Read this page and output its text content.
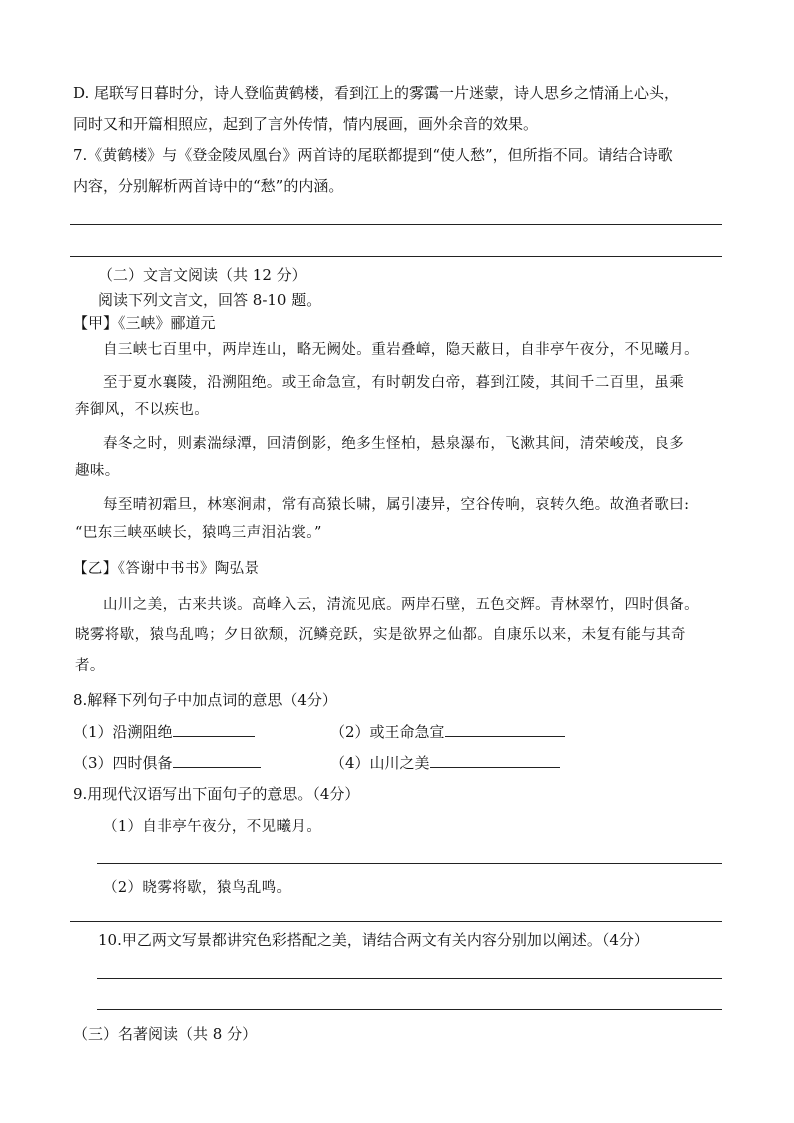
D. 尾联写日暮时分，诗人登临黄鹤楼，看到江上的雾霭一片迷蒙，诗人思乡之情涌上心头，
同时又和开篇相照应，起到了言外传情，情内展画，画外余音的效果。
7.《黄鹤楼》与《登金陵凤凰台》两首诗的尾联都提到“使人愁”，但所指不同。请结合诗歌
内容，分别解析两首诗中的“愁”的内涵。
（二）文言文阅读（共 12 分）
阅读下列文言文，回答 8-10 题。
【甲】《三峡》郦道元
自三峡七百里中，两岸连山，略无阙处。重岩叠嶂，隐天蔽日，自非亭午夜分，不见曦月。
至于夏水襄陵，沿溯阻绝。或王命急宣，有时朝发白帝，暮到江陵，其间千二百里，虽乘
奔御风，不以疾也。
春冬之时，则素湍绿潭，回清倒影，绝多生怪柏，悬泉瀑布，飞漱其间，清荣峻茂，良多
趣味。
每至晴初霜旦，林寒涧肃，常有高猿长啸，属引凄异，空谷传响，哀转久绝。故渔者歌曰:
“巴东三峡巫峡长，猿鸣三声泪沾裳。”
【乙】《答谢中书书》陶弘景
山川之美，古来共谈。高峰入云，清流见底。两岸石壁，五色交辉。青林翠竹，四时俱备。
晓雾将歇，猿鸟乱鸣；夕日欲颓，沉鳞竞跃，实是欲界之仙都。自康乐以来，未复有能与其奇
者。
8.解释下列句子中加点词的意思（4分）
（1）沿溯阻绝	（2）或王命急宣
（3）四时俱备	（4）山川之美
9.用现代汉语写出下面句子的意思。（4分）
（1）自非亭午夜分，不见曦月。
（2）晓雾将歇，猿鸟乱鸣。
10.甲乙两文写景都讲究色彩搭配之美，请结合两文有关内容分别加以阐述。（4分）
（三）名著阅读（共 8 分）
